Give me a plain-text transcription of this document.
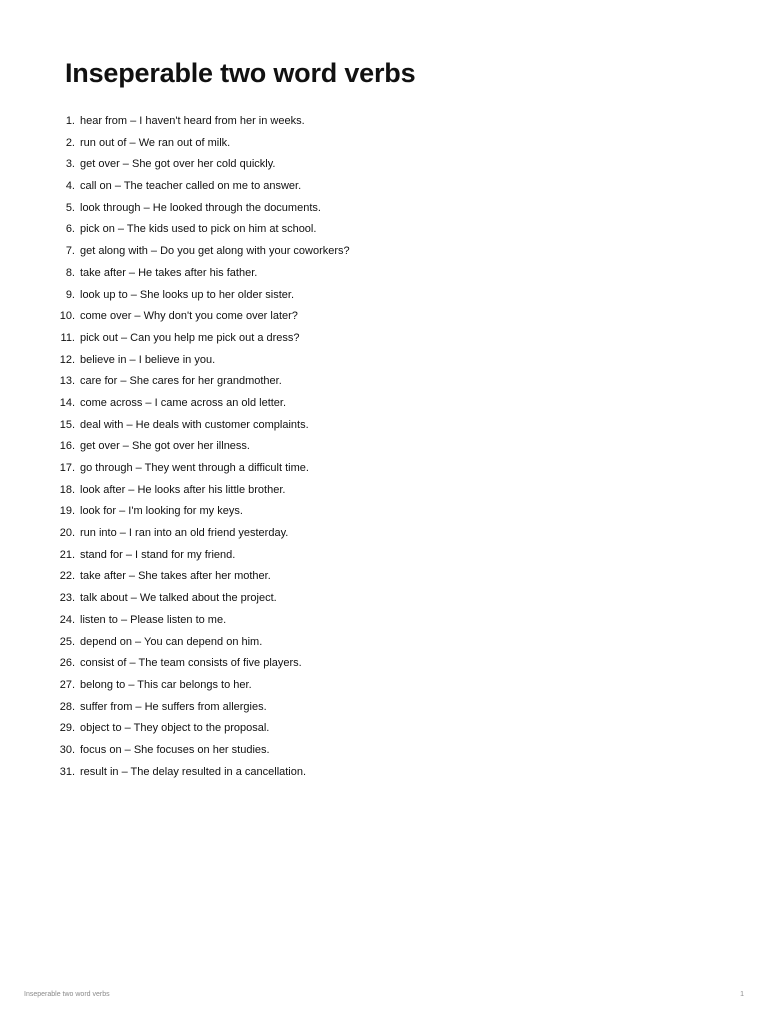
Inseperable two word verbs
1. hear from – I haven't heard from her in weeks.
2. run out of – We ran out of milk.
3. get over – She got over her cold quickly.
4. call on – The teacher called on me to answer.
5. look through – He looked through the documents.
6. pick on – The kids used to pick on him at school.
7. get along with – Do you get along with your coworkers?
8. take after – He takes after his father.
9. look up to – She looks up to her older sister.
10. come over – Why don't you come over later?
11. pick out – Can you help me pick out a dress?
12. believe in – I believe in you.
13. care for – She cares for her grandmother.
14. come across – I came across an old letter.
15. deal with – He deals with customer complaints.
16. get over – She got over her illness.
17. go through – They went through a difficult time.
18. look after – He looks after his little brother.
19. look for – I'm looking for my keys.
20. run into – I ran into an old friend yesterday.
21. stand for – I stand for my friend.
22. take after – She takes after her mother.
23. talk about – We talked about the project.
24. listen to – Please listen to me.
25. depend on – You can depend on him.
26. consist of – The team consists of five players.
27. belong to – This car belongs to her.
28. suffer from – He suffers from allergies.
29. object to – They object to the proposal.
30. focus on – She focuses on her studies.
31. result in – The delay resulted in a cancellation.
Inseperable two word verbs	1
